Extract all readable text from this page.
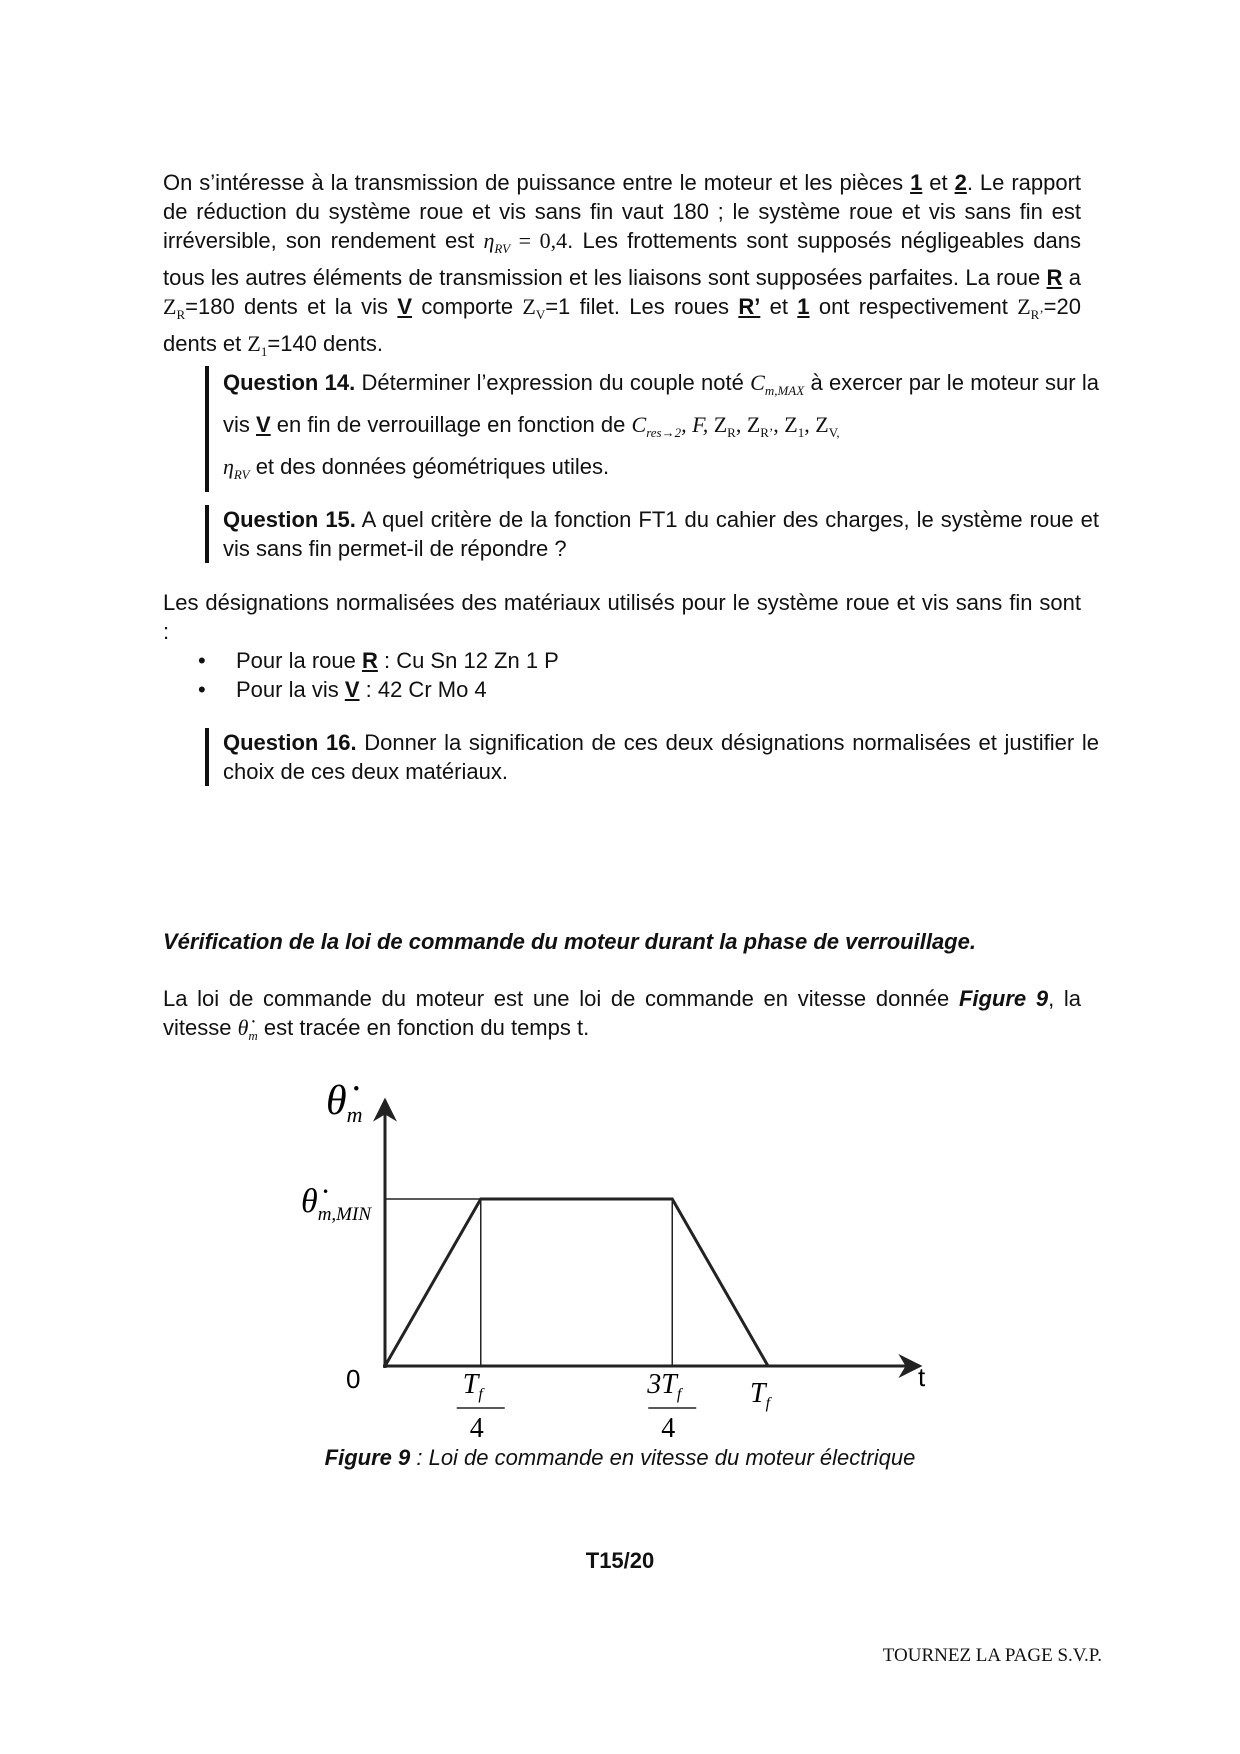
On s’intéresse à la transmission de puissance entre le moteur et les pièces 1 et 2. Le rapport de réduction du système roue et vis sans fin vaut 180 ; le système roue et vis sans fin est irréversible, son rendement est $\eta_{RV} = 0,4$. Les frottements sont supposés négligeables dans tous les autres éléments de transmission et les liaisons sont supposées parfaites. La roue R a $Z_R=180$ dents et la vis V comporte $Z_V=1$ filet. Les roues R’ et 1 ont respectivement $Z_{R’}=20$ dents et $Z_1=140$ dents.
Question 14. Déterminer l’expression du couple noté $C_{m,MAX}$ à exercer par le moteur sur la vis V en fin de verrouillage en fonction de $C_{res\to 2}$, F, $Z_R$, $Z_{R’}$, $Z_1$, $Z_{V,}$
$\eta_{RV}$ et des données géométriques utiles.
Question 15. A quel critère de la fonction FT1 du cahier des charges, le système roue et vis sans fin permet-il de répondre ?
Les désignations normalisées des matériaux utilisés pour le système roue et vis sans fin sont :
•	Pour la roue R : Cu Sn 12 Zn 1 P
•	Pour la vis V : 42 Cr Mo 4
Question 16. Donner la signification de ces deux désignations normalisées et justifier le choix de ces deux matériaux.
Vérification de la loi de commande du moteur durant la phase de verrouillage.
La loi de commande du moteur est une loi de commande en vitesse donnée Figure 9, la vitesse $\thetȧ_m$ est tracée en fonction du temps t.
θ̇m
$\thetȧ_{m,MIN}$
0	t
$T_f$
4
$3T_f$
4
$T_f$
Figure 9 : Loi de commande en vitesse du moteur électrique
T15/20
TOURNEZ LA PAGE S.V.P.
